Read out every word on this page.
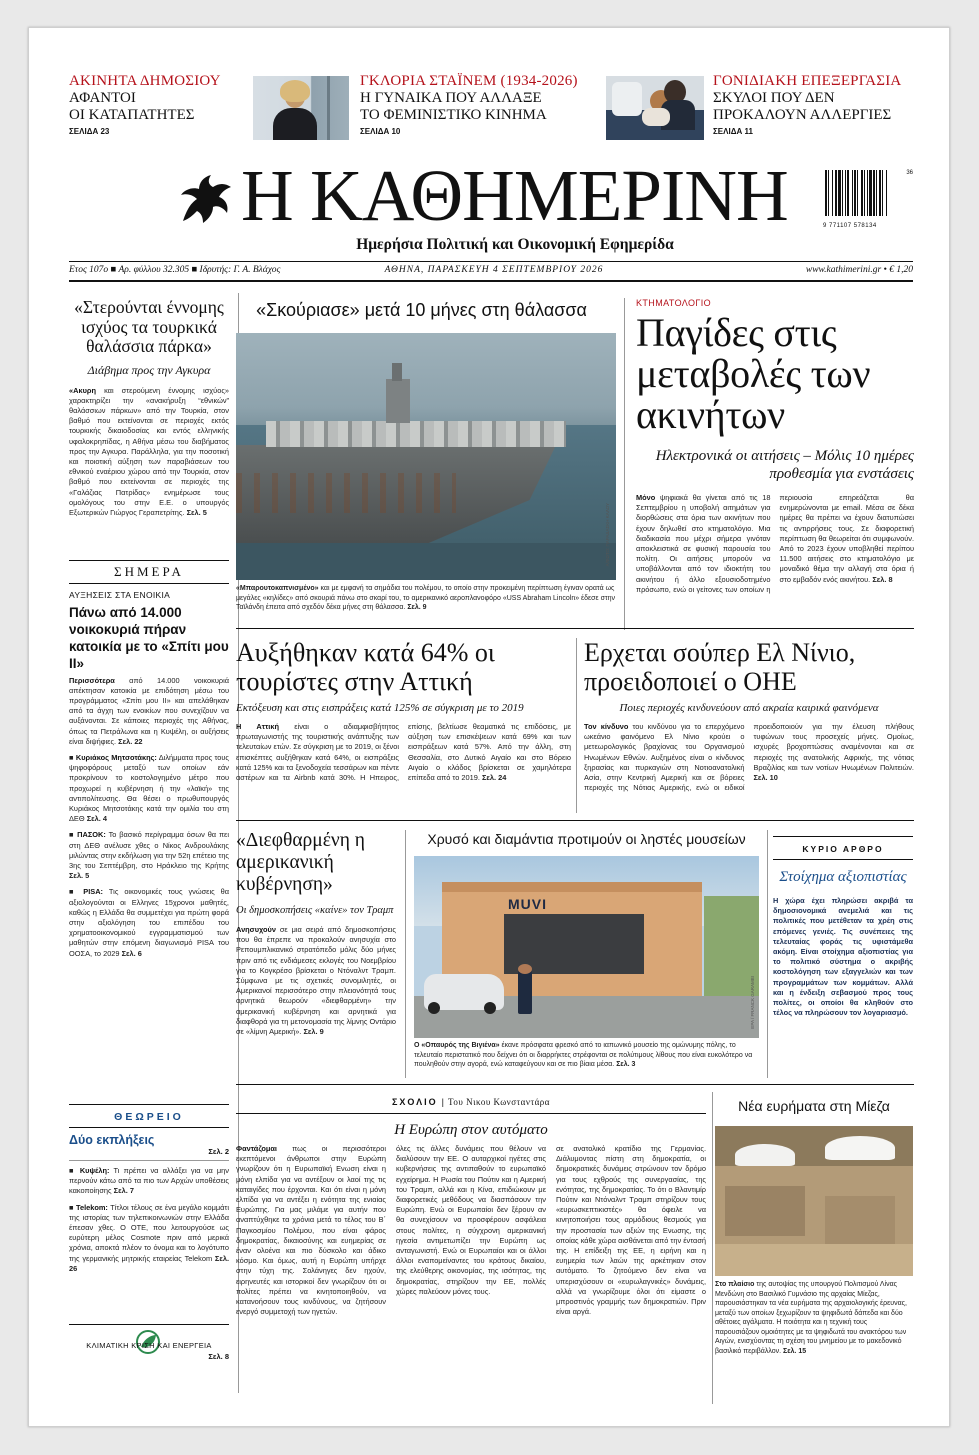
ΑΚΙΝΗΤΑ ΔΗΜΟΣΙΟΥ
ΑΦΑΝΤΟΙ
ΟΙ ΚΑΤΑΠΑΤΗΤΕΣ
ΣΕΛΙΔΑ 23
ΓΚΛΟΡΙΑ ΣΤΑΪΝΕΜ (1934-2026)
Η ΓΥΝΑΙΚΑ ΠΟΥ ΑΛΛΑΞΕ
ΤΟ ΦΕΜΙΝΙΣΤΙΚΟ ΚΙΝΗΜΑ
ΣΕΛΙΔΑ 10
ΓΟΝΙΔΙΑΚΗ ΕΠΕΞΕΡΓΑΣΙΑ
ΣΚΥΛΟΙ ΠΟΥ ΔΕΝ
ΠΡΟΚΑΛΟΥΝ ΑΛΛΕΡΓΙΕΣ
ΣΕΛΙΔΑ 11
Η ΚΑΘΗΜΕΡΙΝΗ
Ημερήσια Πολιτική και Οικονομική Εφημερίδα
9 771107 578134
36
Ετος 107ο ■ Αρ. φύλλου 32.305 ■ Ιδρυτής: Γ. Α. Βλάχος	ΑΘΗΝΑ, ΠΑΡΑΣΚΕΥΗ 4 ΣΕΠΤΕΜΒΡΙΟΥ 2026	www.kathimerini.gr • € 1,20
«Στερούνται έννομης ισχύος τα τουρκικά θαλάσσια πάρκα»
Διάβημα προς την Αγκυρα
«Ακυρη και στερούμενη έννομης ισχύος» χαρακτηρίζει την «ανακήρυξη “εθνικών” θαλάσσιων πάρκων» από την Τουρκία, στον βαθμό που εκτείνονται σε περιοχές εκτός τουρκικής δικαιοδοσίας και εντός ελληνικής υφαλοκρηπίδας, η Αθήνα μέσω του διαβήματος προς την Αγκυρα. Παράλληλα, για την ποσοτική και ποιοτική αύξηση των παραβιάσεων του εθνικού εναέριου χώρου από την Τουρκία, στον βαθμό που εκτείνονται σε περιοχές της «Γαλάζιας Πατρίδας» ενημέρωσε τους ομολόγους του στην Ε.Ε. ο υπουργός Εξωτερικών Γιώργος Γεραπετρίτης. Σελ. 5
ΣΗΜΕΡΑ
ΑΥΞΗΣΕΙΣ ΣΤΑ ΕΝΟΙΚΙΑ
Πάνω από 14.000 νοικοκυριά πήραν κατοικία με το «Σπίτι μου ΙΙ»
Περισσότερα από 14.000 νοικοκυριά απέκτησαν κατοικία με επιδότηση μέσω του προγράμματος «Σπίτι μου ΙΙ» και απελάθηκαν από τα άγχη των ενοικίων που συνεχίζουν να αυξάνονται. Σε κάποιες περιοχές της Αθήνας, όπως τα Πετράλωνα και η Κυψέλη, οι αυξήσεις είναι διψήφιες. Σελ. 22
■ Κυριάκος Μητσοτάκης: Διλήμματα προς τους ψηφοφόρους μεταξύ των οποίων εάν προκρίνουν το κοστολογημένο μέτρο που προχωρεί η κυβέρνηση ή την «λαϊκή» της αντιπολίτευσης. Θα θέσει ο πρωθυπουργός Κυριάκος Μητσοτάκης κατά την ομιλία του στη ΔΕΘ Σελ. 4
■ ΠΑΣΟΚ: Το βασικό περίγραμμα όσων θα πει στη ΔΕΘ ανέλυσε χθες ο Νίκος Ανδρουλάκης μιλώντας στην εκδήλωση για την 52η επέτειο της 3ης του Σεπτέμβρη, στο Ηράκλειο της Κρήτης Σελ. 5
■ PISA: Τις οικονομικές τους γνώσεις θα αξιολογούνται οι Ελληνες 15χρονοι μαθητές, καθώς η Ελλάδα θα συμμετέχει για πρώτη φορά στην αξιολόγηση του επιπέδου του χρηματοοικονομικού εγγραμματισμού των μαθητών στην επόμενη διαγωνισμό PISA του ΟΟΣΑ, το 2029 Σελ. 6
ΘΕΩΡΕΙΟ
Δύο εκπλήξεις
Σελ. 2
■ Κυψέλη: Τι πρέπει να αλλάξει για να μην περνούν κάτω από τα πιο των Αρχών υποθέσεις κακοποίησης Σελ. 7
■ Telekom: Τίτλοι τέλους σε ένα μεγάλο κομμάτι της ιστορίας των τηλεπικοινωνιών στην Ελλάδα έπεσαν χθες. Ο ΟΤΕ, που λειτουργούσε ως ευρύτερη μέλος Cosmote πριν από μερικά χρόνια, αποκτά πλέον το όνομα και το λογότυπο της γερμανικής μητρικής εταιρείας Telekom Σελ. 26
ΚΛΙΜΑΤΙΚΗ ΚΡΙΣΗ ΚΑΙ ΕΝΕΡΓΕΙΑ
Σελ. 8
«Σκούριασε» μετά 10 μήνες στη θάλασσα
Α/ΦΩΤΟ: ΠΑΡΑΔΑΣΚΗ ΚΑΛΟΥ
«Μπαρουτοκαπνισμένο» και με εμφανή τα σημάδια του πολέμου, το οποίο στην προκειμένη περίπτωση έγιναν ορατά ως μεγάλες «κηλίδες» από σκουριά πάνω στο σκαρί του, το αμερικανικό αεροπλανοφόρο «USS Abraham Lincoln» έδεσε στην Ταϊλάνδη έπειτα από σχεδόν δέκα μήνες στη θάλασσα. Σελ. 9
ΚΤΗΜΑΤΟΛΟΓΙΟ
Παγίδες στις μεταβολές των ακινήτων
Ηλεκτρονικά οι αιτήσεις – Μόλις 10 ημέρες προθεσμία για ενστάσεις
Μόνο ψηφιακά θα γίνεται από τις 18 Σεπτεμβρίου η υποβολή αιτημάτων για διορθώσεις στα όρια των ακινήτων που έχουν δηλωθεί στο κτηματολόγιο. Μια διαδικασία που μέχρι σήμερα γινόταν αποκλειστικά σε φυσική παρουσία του πολίτη. Οι αιτήσεις μπορούν να υποβάλλονται από τον ιδιοκτήτη του ακινήτου ή άλλο εξουσιοδοτημένο πρόσωπο, ενώ οι γείτονες των οποίων η περιουσία επηρεάζεται θα ενημερώνονται με email. Μέσα σε δέκα ημέρες θα πρέπει να έχουν διατυπώσει τις αντιρρήσεις τους. Σε διαφορετική περίπτωση θα θεωρείται ότι συμφωνούν. Από το 2023 έχουν υποβληθεί περίπου 11.500 αιτήσεις στο κτηματολόγιο με μοναδικό θέμα την αλλαγή στα όρια ή στο εμβαδόν ενός ακινήτου. Σελ. 8
Αυξήθηκαν κατά 64% οι τουρίστες στην Αττική
Εκτόξευση και στις εισπράξεις κατά 125% σε σύγκριση με το 2019
Η Αττική είναι ο αδιαμφισβήτητος πρωταγωνιστής της τουριστικής ανάπτυξης των τελευταίων ετών. Σε σύγκριση με το 2019, οι ξένοι επισκέπτες αυξήθηκαν κατά 64%, οι εισπράξεις κατά 125% και τα ξενοδοχεία τεσσάρων και πέντε αστέρων και τα Airbnb κατά 30%. Η Ηπειρος, επίσης, βελτίωσε θεαματικά τις επιδόσεις, με αύξηση των επισκέψεων κατά 69% και των εισπράξεων κατά 57%. Από την άλλη, στη Θεσσαλία, στο Δυτικό Αιγαίο και στο Βόρειο Αιγαίο ο κλάδος βρίσκεται σε χαμηλότερα επίπεδα από το 2019. Σελ. 24
Ερχεται σούπερ Ελ Νίνιο, προειδοποιεί ο ΟΗΕ
Ποιες περιοχές κινδυνεύουν από ακραία καιρικά φαινόμενα
Τον κίνδυνο του κινδύνου για το επερχόμενο ωκεάνιο φαινόμενο Ελ Νίνιο κρούει ο μετεωρολογικός βραχίονας του Οργανισμού Ηνωμένων Εθνών. Αυξημένος είναι ο κίνδυνος ξηρασίας και πυρκαγιών στη Νοτιοανατολική Ασία, στην Κεντρική Αμερική και σε βόρειες περιοχές της Νότιας Αμερικής, ενώ οι ειδικοί προειδοποιούν για την έλευση πλήθους τυφώνων τους προσεχείς μήνες. Ομοίως, ισχυρές βροχοπτώσεις αναμένονται και σε περιοχές της ανατολικής Αφρικής, της νότιας Βραζιλίας και των νοτίων Ηνωμένων Πολιτειών. Σελ. 10
«Διεφθαρμένη η αμερικανική κυβέρνηση»
Οι δημοσκοπήσεις «καίνε» τον Τραμπ
Ανησυχούν σε μια σειρά από δημοσκοπήσεις που θα έπρεπε να προκαλούν ανησυχία στο Ρεπουμπλικανικό στρατόπεδο μόλις δύο μήνες πριν από τις ενδιάμεσες εκλογές του Νοεμβρίου για το Κογκρέσο βρίσκεται ο Ντόναλντ Τραμπ. Σύμφωνα με τις σχετικές συνομιλητές, οι Αμερικανοί περισσότερο στην πλειονότητά τους αρνητικά θεωρούν «διεφθαρμένη» την αμερικανική κυβέρνηση και αρνητικά για διαφθορά για τη μετονομασία της λίμνης Οντάριο σε «λίμνη Αμερική». Σελ. 9
Χρυσό και διαμάντια προτιμούν οι ληστές μουσείων
MUVI
EPA / FRANCK GARAMBI
Ο «Οπαυρός της Βιγιένα» έκανε πρόσφατα φρεσκό από το ιαπωνικό μουσείο της ομώνυμης πόλης, το τελευταίο περιστατικό που δείχνει ότι οι διαρρήκτες στρέφονται σε πολύτιμους λίθους που είναι ευκολότερο να πουληθούν στην αγορά, ενώ καταφεύγουν και σε πιο βίαια μέσα. Σελ. 3
ΚΥΡΙΟ ΑΡΘΡΟ
Στοίχημα αξιοπιστίας
Η χώρα έχει πληρώσει ακριβά τα δημοσιονομικά ανεμελιά και τις πολιτικές που μετέθεταν τα χρέη στις επόμενες γενιές. Τις συνέπειες της τελευταίας φοράς τις υφιστάμεθα ακόμη. Είναι στοίχημα αξιοπιστίας για το πολιτικό σύστημα ο ακριβής κοστολόγηση των εξαγγελιών και των προγραμμάτων των κομμάτων. Αλλά και η ένδειξη σεβασμού προς τους πολίτες, οι οποίοι θα κληθούν στο τέλος να πληρώσουν τον λογαριασμό.
ΣΧΟΛΙΟ | Του Νικου Κωνσταντάρα
Η Ευρώπη στον αυτόματο
Φαντάζομαι πως οι περισσότεροι εκεπτόμενοι άνθρωποι στην Ευρώπη γνωρίζουν ότι η Ευρωπαϊκή Ενωση είναι η μόνη ελπίδα για να αντέξουν οι λαοί της τις καταιγίδες που έρχονται. Και ότι είναι η μόνη ελπίδα για να αντέξει η ενότητα της ενιαίας Ευρώπης. Για μας μιλάμε για αυτήν που αναπτύχθηκε τα χρόνια μετά το τέλος του Β΄ Παγκοσμίου Πολέμου, που είναι φάρος δημοκρατίας, δικαιοσύνης και ευημερίας σε έναν ολοένα και πιο δύσκολο και άδικο κόσμο. Και όμως, αυτή η Ευρώπη υπήρχε στην τύχη της. Σολάνηγες δεν ηχούν, ειρηνευτές και ιστορικοί δεν γνωρίζουν ότι οι πολίτες πρέπει να κινητοποιηθούν, να κατανοήσουν τους κινδύνους, να ζητήσουν ενεργό συμμετοχή των ηγετών.
όλες τις άλλες δυνάμεις που θέλουν να διαλύσουν την ΕΕ. Ο αυταρχικοί ηγέτες στις κυβερνήσεις της αντιπαθούν το ευρωπαϊκό εγχείρημα. Η Ρωσία του Πούτιν και η Αμερική του Τραμπ, αλλά και η Κίνα, επιδιώκουν με διαφορετικές μεθόδους να διασπάσουν την Ευρώπη. Ενώ οι Ευρωπαίοι δεν ξέρουν αν θα συνεχίσουν να προσφέρουν ασφάλεια στους πολίτες, η σύγχρονη αμερικανική ηγεσία αντιμετωπίζει την Ευρώπη ως ανταγωνιστή. Ενώ οι Ευρωπαίοι και οι άλλοι άλλοι εναπομείναντες του κράτους δικαίου, της ελεύθερης οικονομίας, της ισότητας, της δημοκρατίας, στηρίζουν την ΕΕ, πολλές χώρες παλεύουν μόνες τους.
σε ανατολικό κρατίδιο της Γερμανίας. Διάλυμοντας πίστη στη δημοκρατία, οι δημοκρατικές δυνάμεις στρώνουν τον δρόμο για τους εχθρούς της συνεργασίας, της ενότητας, της δημοκρατίας. Το ότι ο Βλαντιμίρ Πούτιν και Ντόναλντ Τραμπ στηρίζουν τους «ευρωσκεπτικιστές» θα όφειλε να κινητοποιήσει τους αρμόδιους θεσμούς για την προστασία των αξιών της Ενωσης, της οποίας κάθε χώρα αισθάνεται από την έντασή της. Η επίδειξη της ΕΕ, η ειρήνη και η ευημερία των λαών της αρκέτηκαν στον αυτόματο. Το ζητούμενο δεν είναι να υπερισχύσουν οι «ευρωλαγνικές» δυνάμεις, αλλά να γνωρίζουμε όλοι ότι είμαστε ο μπροστινός γραμμής των δημοκρατιών. Πριν είναι αργά.
Νέα ευρήματα στη Μίεζα
Στο πλαίσιο της αυτοψίας της υπουργού Πολιτισμού Λίνας Μενδώνη στο Βασιλικό Γυμνάσιο της αρχαίας Μίεζας, παρουσιάστηκαν τα νέα ευρήματα της αρχαιολογικής έρευνας, μεταξύ των οποίων ξεχωρίζουν τα ψηφιδωτά δάπεδα και δύο αθέτοιες αγάλματα. Η ποιότητα και η τεχνική τους παρουσιάζουν ομοιότητες με τα ψηφιδωτά του ανακτόρου των Αιγών, ενισχύοντας τη σχέση του μνημείου με το μακεδονικό βασιλικό περιβάλλον. Σελ. 15
